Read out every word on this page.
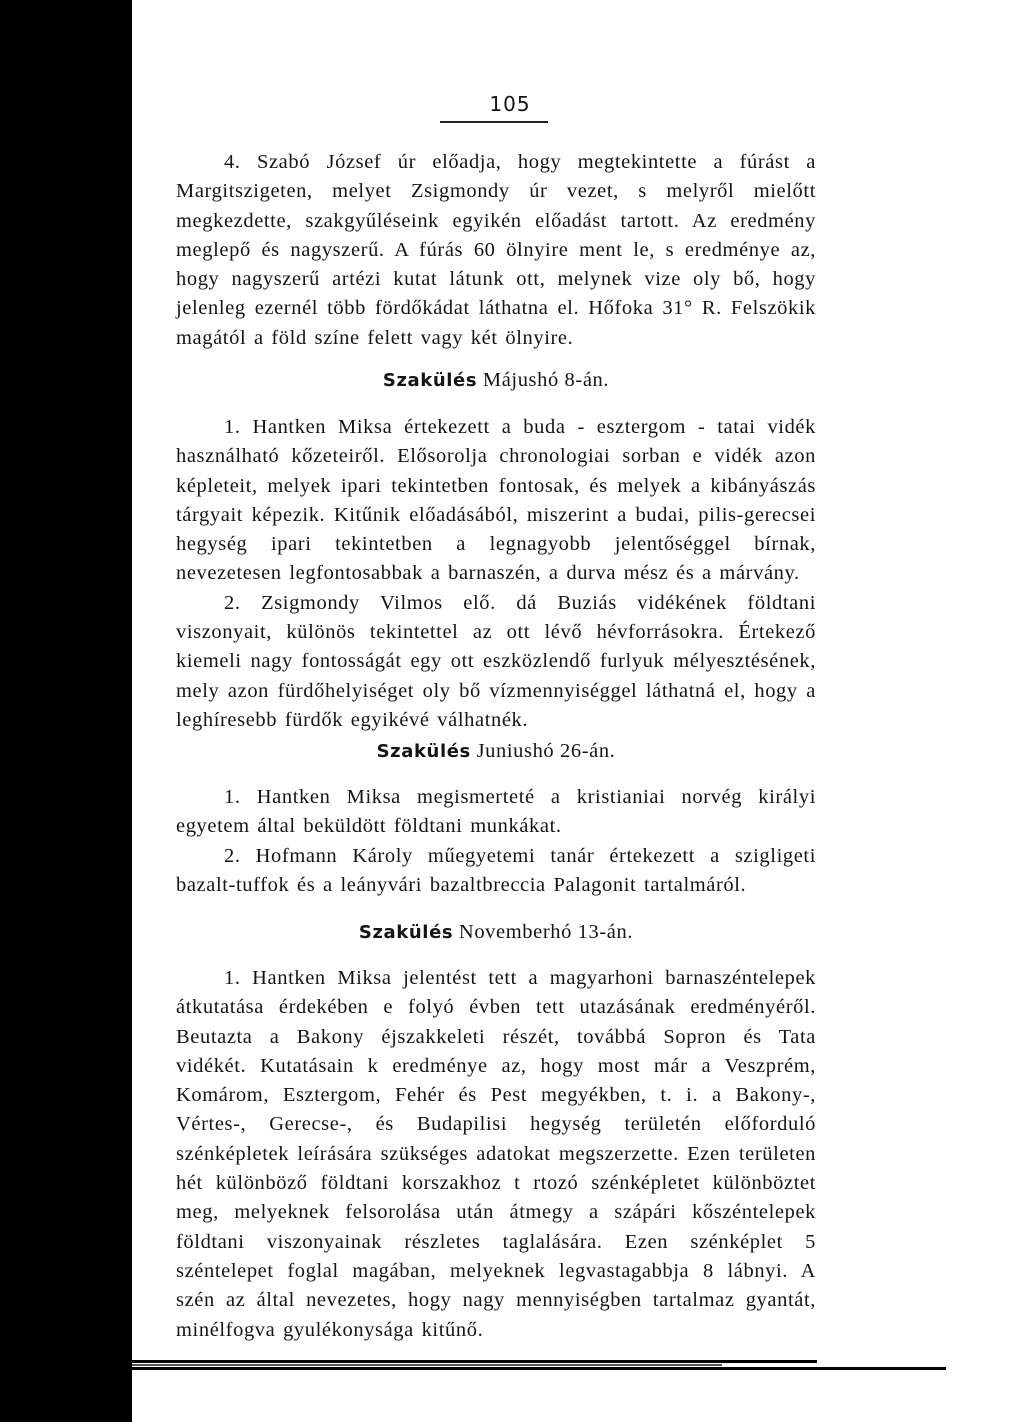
105

4. Szabó József úr előadja, hogy megtekintette a fúrást a Margitszigeten, melyet Zsigmondy úr vezet, s melyről mielőtt megkezdette, szakgyűléseink egyikén előadást tartott. Az eredmény meglepő és nagyszerű. A fúrás 60 ölnyire ment le, s eredménye az, hogy nagyszerű artézi kutat látunk ott, melynek vize oly bő, hogy jelenleg ezernél több fördőkádat láthatna el. Hőfoka 31° R. Felszökik magától a föld színe felett vagy két ölnyire.

Szakülés Májushó 8-án.

1. Hantken Miksa értekezett a buda - esztergom - tatai vidék használható kőzeteiről. Elősorolja chronologiai sorban e vidék azon képleteit, melyek ipari tekintetben fontosak, és melyek a kibányászás tárgyait képezik. Kitűnik előadásából, miszerint a budai, pilis-gerecsei hegység ipari tekintetben a legnagyobb jelentőséggel bírnak, nevezetesen legfontosabbak a barnaszén, a durva mész és a márvány.

2. Zsigmondy Vilmos elő. dá Buziás vidékének földtani viszonyait, különös tekintettel az ott lévő hévforrásokra. Értekező kiemeli nagy fontosságát egy ott eszközlendő furlyuk mélyesztésének, mely azon fürdőhelyiséget oly bő vízmennyiséggel láthatná el, hogy a leghíresebb fürdők egyikévé válhatnék.

Szakülés Juniushó 26-án.

1. Hantken Miksa megismerteté a kristianiai norvég királyi egyetem által beküldött földtani munkákat.

2. Hofmann Károly műegyetemi tanár értekezett a szigligeti bazalt-tuffok és a leányvári bazaltbreccia Palagonit tartalmáról.

Szakülés Novemberhó 13-án.

1. Hantken Miksa jelentést tett a magyarhoni barnaszéntelepek átkutatása érdekében e folyó évben tett utazásának eredményéről. Beutazta a Bakony éjszakkeleti részét, továbbá Sopron és Tata vidékét. Kutatásain k eredménye az, hogy most már a Veszprém, Komárom, Esztergom, Fehér és Pest megyékben, t. i. a Bakony-, Vértes-, Gerecse-, és Budapilisi hegység területén előforduló szénképletek leírására szükséges adatokat megszerzette. Ezen területen hét különböző földtani korszakhoz t rtozó szénképletet különböztet meg, melyeknek felsorolása után átmegy a szápári kőszéntelepek földtani viszonyainak részletes taglalására. Ezen szénképlet 5 széntelepet foglal magában, melyeknek legvastagabbja 8 lábnyi. A szén az által nevezetes, hogy nagy mennyiségben tartalmaz gyantát, minélfogva gyulékonysága kitűnő.
